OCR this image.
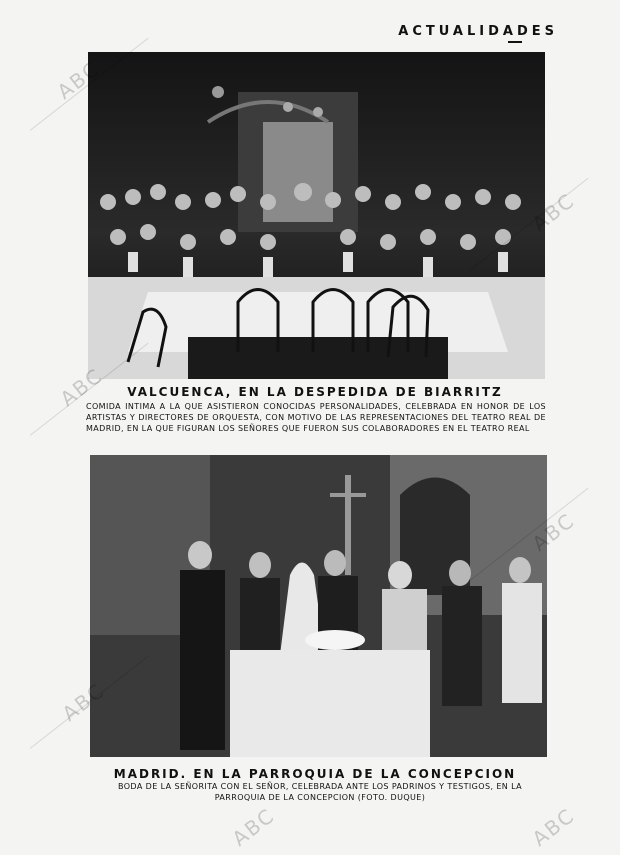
ACTUALIDADES
VALCUENCA, EN LA DESPEDIDA DE BIARRITZ
COMIDA INTIMA A LA QUE ASISTIERON CONOCIDAS PERSONALIDADES, CELEBRADA EN HONOR DE LOS ARTISTAS Y DIRECTORES DE ORQUESTA, CON MOTIVO DE LAS REPRESENTACIONES DEL TEATRO REAL DE MADRID, EN LA QUE FIGURAN LOS SEÑORES QUE FUERON SUS COLABORADORES EN EL TEATRO REAL
MADRID. EN LA PARROQUIA DE LA CONCEPCION
BODA DE LA SEÑORITA CON EL SEÑOR, CELEBRADA ANTE LOS PADRINOS Y TESTIGOS, EN LA PARROQUIA DE LA CONCEPCION (FOTO. DUQUE)
ABC
ABC
ABC
ABC
ABC
ABC	ABC
